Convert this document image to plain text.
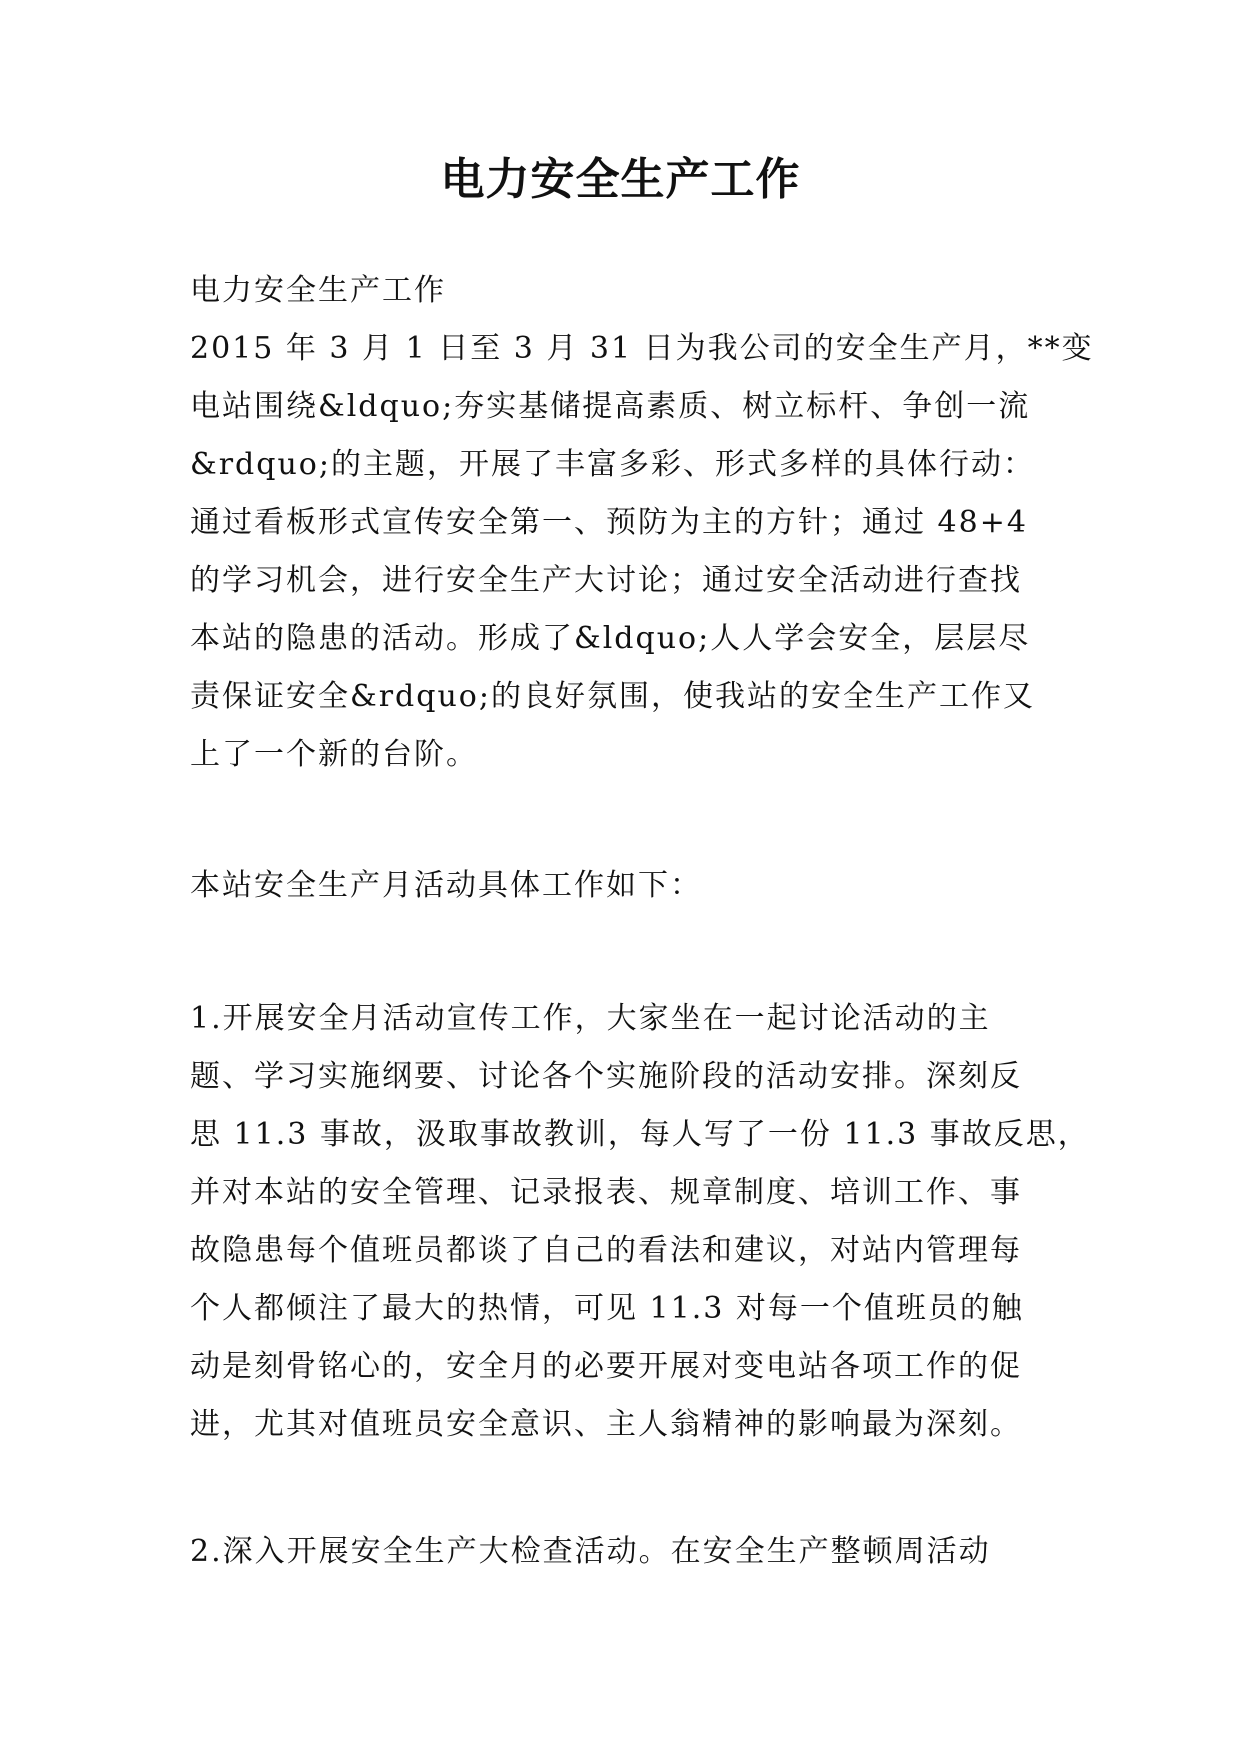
电力安全生产工作

电力安全生产工作

2015 年 3 月 1 日至 3 月 31 日为我公司的安全生产月，**变
电站围绕&ldquo;夯实基储提高素质、树立标杆、争创一流
&rdquo;的主题，开展了丰富多彩、形式多样的具体行动：
通过看板形式宣传安全第一、预防为主的方针；通过 48+4
的学习机会，进行安全生产大讨论；通过安全活动进行查找
本站的隐患的活动。形成了&ldquo;人人学会安全，层层尽
责保证安全&rdquo;的良好氛围，使我站的安全生产工作又
上了一个新的台阶。

本站安全生产月活动具体工作如下：

1.开展安全月活动宣传工作，大家坐在一起讨论活动的主
题、学习实施纲要、讨论各个实施阶段的活动安排。深刻反
思 11.3 事故，汲取事故教训，每人写了一份 11.3 事故反思，
并对本站的安全管理、记录报表、规章制度、培训工作、事
故隐患每个值班员都谈了自己的看法和建议，对站内管理每
个人都倾注了最大的热情，可见 11.3 对每一个值班员的触
动是刻骨铭心的，安全月的必要开展对变电站各项工作的促
进，尤其对值班员安全意识、主人翁精神的影响最为深刻。

2.深入开展安全生产大检查活动。在安全生产整顿周活动
